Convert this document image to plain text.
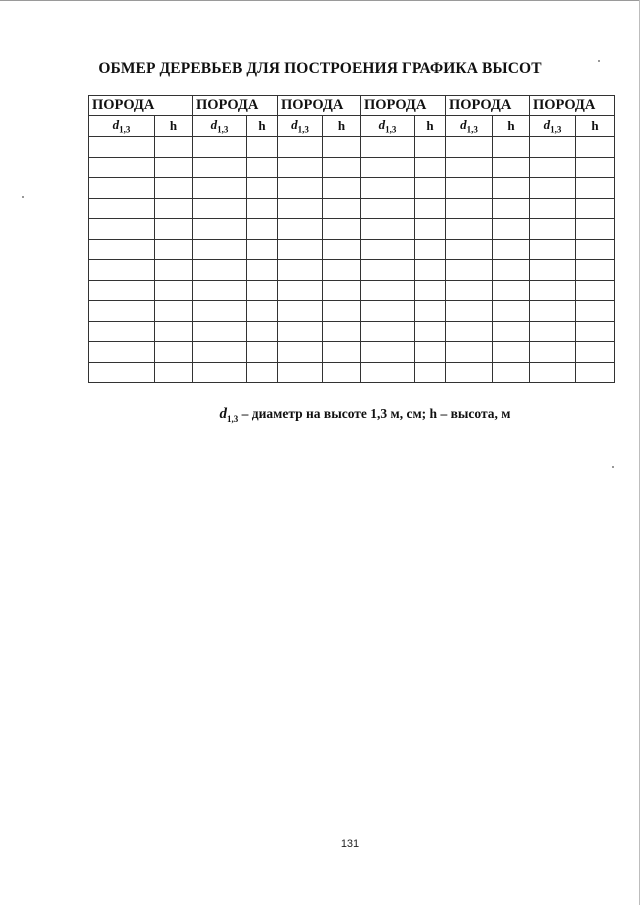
ОБМЕР ДЕРЕВЬЕВ ДЛЯ ПОСТРОЕНИЯ ГРАФИКА ВЫСОТ
ПОРОДА		ПОРОДА		ПОРОДА		ПОРОДА		ПОРОДА		ПОРОДА	
$d_{1,3}$	h	$d_{1,3}$	h	$d_{1,3}$	h	$d_{1,3}$	h	$d_{1,3}$	h	$d_{1,3}$	h

$d_{1,3}$ – диаметр на высоте 1,3 м, см; h – высота, м
131
